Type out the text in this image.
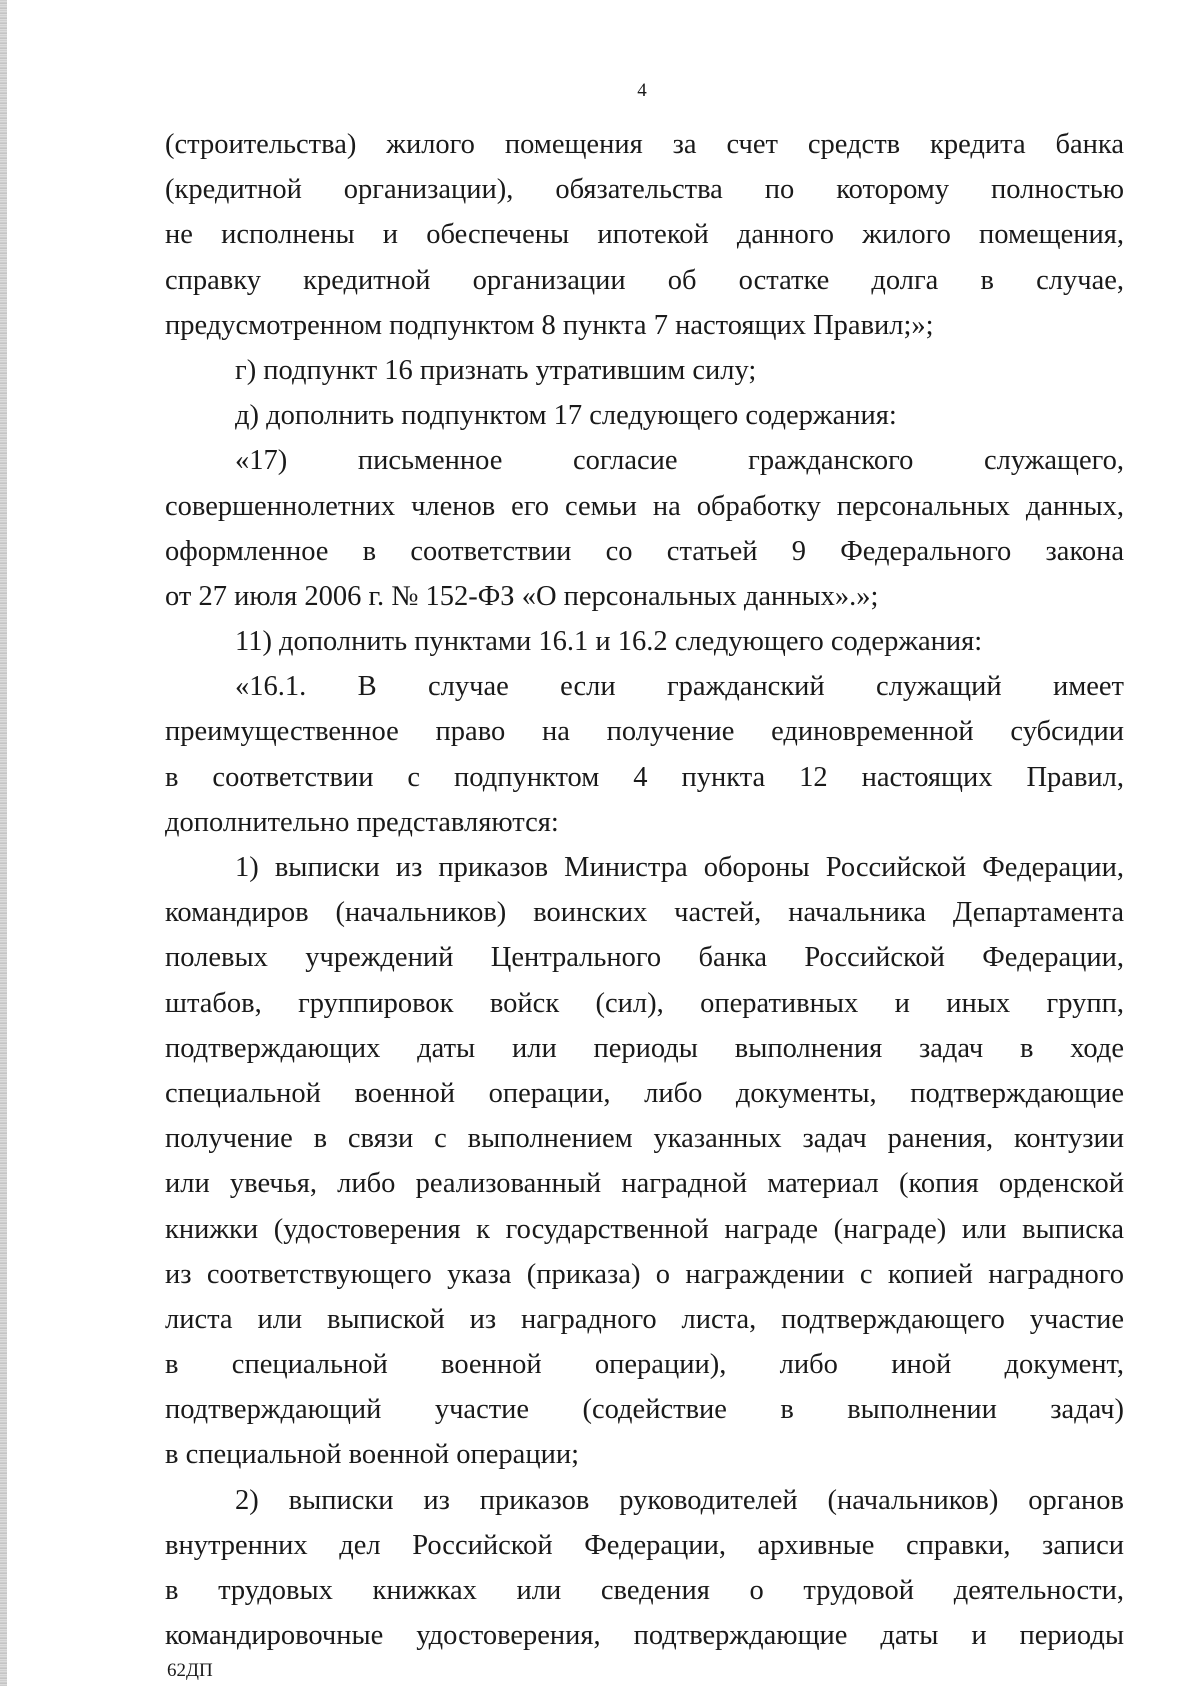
4
(строительства) жилого помещения за счет средств кредита банка
(кредитной организации), обязательства по которому полностью
не исполнены и обеспечены ипотекой данного жилого помещения,
справку кредитной организации об остатке долга в случае,
предусмотренном подпунктом 8 пункта 7 настоящих Правил;»;
г) подпункт 16 признать утратившим силу;
д) дополнить подпунктом 17 следующего содержания:
«17) письменное согласие гражданского служащего,
совершеннолетних членов его семьи на обработку персональных данных,
оформленное в соответствии со статьей 9 Федерального закона
от 27 июля 2006 г. № 152-ФЗ «О персональных данных».»;
11) дополнить пунктами 16.1 и 16.2 следующего содержания:
«16.1. В случае если гражданский служащий имеет
преимущественное право на получение единовременной субсидии
в соответствии с подпунктом 4 пункта 12 настоящих Правил,
дополнительно представляются:
1) выписки из приказов Министра обороны Российской Федерации,
командиров (начальников) воинских частей, начальника Департамента
полевых учреждений Центрального банка Российской Федерации,
штабов, группировок войск (сил), оперативных и иных групп,
подтверждающих даты или периоды выполнения задач в ходе
специальной военной операции, либо документы, подтверждающие
получение в связи с выполнением указанных задач ранения, контузии
или увечья, либо реализованный наградной материал (копия орденской
книжки (удостоверения к государственной награде (награде) или выписка
из соответствующего указа (приказа) о награждении с копией наградного
листа или выпиской из наградного листа, подтверждающего участие
в специальной военной операции), либо иной документ,
подтверждающий участие (содействие в выполнении задач)
в специальной военной операции;
2) выписки из приказов руководителей (начальников) органов
внутренних дел Российской Федерации, архивные справки, записи
в трудовых книжках или сведения о трудовой деятельности,
командировочные удостоверения, подтверждающие даты и периоды
62ДП
